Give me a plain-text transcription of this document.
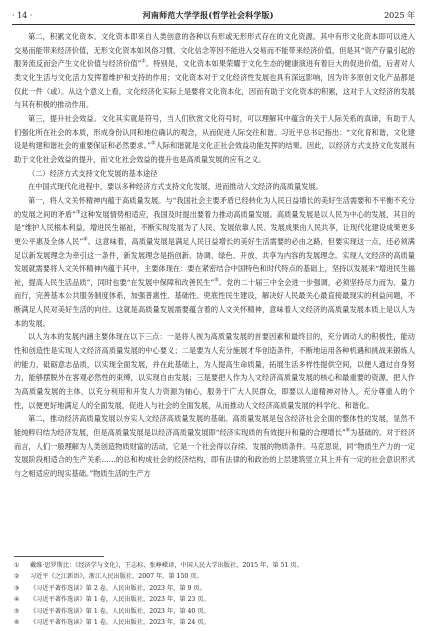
· 14 ·	河南师范大学学报(哲学社会科学版)	2025 年

第二，积累文化资本。文化资本即来自人类创意的各种以有形或无形形式存在的文化资源。其中有形文化资本即可以进入交易而能带来经济价值，无形文化资本如风俗习惯、文化信念等因不能进入交易而不能带来经济价值，但是其“资产存量引起的服务流反而会产生文化价值与经济价值”①。特别是，文化资本如果荣耀于文化生态的健康演进有着巨大的促进价值，后者对人类文化生活与文化活力发挥着维护和支持的作用；文化资本对于文化经济性发展也具有深远影响，因为许多原创文化产品都是仅此一件（或）。从这个意义上看，文化经济化实际上是要将文化资本化，因而有助于文化资本的积累，这对于人文经济的发展与其有积极的推动作用。

第三，提升社会效益。文化其实就是符号，当人们欣赏文化符号时，可以理解其中蕴含的关于人际关系的真谛，有助于人们强化所在社会的本质，形成身份认同和地位确认的观念，从而促进人际交往和谐。习近平总书记指出：“文化育和谐，文化建设是构建和谐社会的重要保证和必然要求。”②人际和谐就是文化正社会效益功能发挥的结果。因此，以经济方式支持文化发展有助于文化社会效益的提升，而文化社会效益的提升也是高质量发展的应有之义。

（二）经济方式支持文化发展的基本途径

在中国式现代化进程中，要以多种经济方式支持文化发展，进而推动人文经济的高质量发展。

第一，将人文关怀精神内蕴于高质量发展。与“我国社会主要矛盾已经转化为人民日益增长的美好生活需要和不平衡不充分的发展之间的矛盾”③这种发展情势相适应，我国及时提出要着力推动高质量发展。高质量发展是以人民为中心的发展，其目的是“维护人民根本利益，增进民生福祉，不断实现发展为了人民、发展依靠人民、发展成果由人民共享，让现代化建设成果更多更公平惠及全体人民”④。这意味着，高质量发展是满足人民日益增长的美好生活需要的必由之路，但要实现这一点，还必须满足以新发展理念为牵引这一条件，新发展理念是指创新、协调、绿色、开放、共享为内容的发展理念。实现人文经济的高质量发展就需要将人文关怀精神内蕴于其中，主要体现在：要在紧密结合中国特色和时代特点的基础上，坚持以发展来“增进民生福祉，提高人民生活品质”，同时也要“在发展中保障和改善民生”⑤。党的二十届三中全会进一步强调，必须坚持尽力而为、量力而行，完善基本公共服务制度体系，加强普惠性、基础性、兜底性民生建设，解决好人民最关心最直接最现实的利益问题，不断满足人民对美好生活的向往。这就是高质量发展需要蕴含着的人文关怀精神，意味着人文经济的高质量发展本质上是以人为本的发展。

以人为本的发展内涵主要体现在以下三点：一是将人视为高质量发展的首要因素和最终目的，充分调动人的积极性，能动性和创造性是实现人文经济高质量发展的中心要义；二是要为人充分施展才华创造条件，不断地运用各种机遇和挑战来锻炼人的能力，砥砺意志品质，以实现全面发展，并在此基础上，为人提高生命质量，拓展生活多样性提供空间，以便人通过自身努力，能够摆脱外在客观必然性的束缚，以实现自由发展；三是要把人作为人文经济高质量发展的核心和最重要的资源，把人作为高质量发展的主体，以充分利用和开发人力资源为轴心，服务于广大人民群众，即要以人道精神对待人，充分尊重人的个性，以便更好地满足人的全面发展，促进人与社会的全面发展，从而推动人文经济高质量发展的科学化、和谐化。

第二，推动经济高质量发展以夯实人文经济高质量发展的基础。高质量发展是包含经济社会全面的整体性的发展，显然不能纯粹归结为经济发展，但是高质量发展是以经济高质量发展即“经济实现质的有效提升和量的合理增长”⑥为基础的。对于经济而言，人们一般理解为人类创造物质财富的活动，它是一个社会得以存续、发展的物质条件。马克思说，同“物质生产力的一定发展阶段相适合的生产关系……的总和构成社会的经济结构，即有法律的和政治的上层建筑竖立其上并有一定的社会意识形式与之相适应的现实基础。”物质生活的生产方

①	戴维·思罗斯比：《经济学与文化》，王志标、张峥嵘译，中国人民大学出版社，2015 年，第 51 页。
②	习近平《之江新语》，浙江人民出版社，2007 年，第 150 页。
③	《习近平著作选读》第 2 卷，人民出版社，2023 年，第 9 页。
④	《习近平著作选读》第 1 卷，人民出版社，2023 年，第 23 页。
⑤	《习近平著作选读》第 1 卷，人民出版社，2023 年，第 40 页。
⑥	《习近平著作选读》第 1 卷，人民出版社，2023 年，第 24 页。
